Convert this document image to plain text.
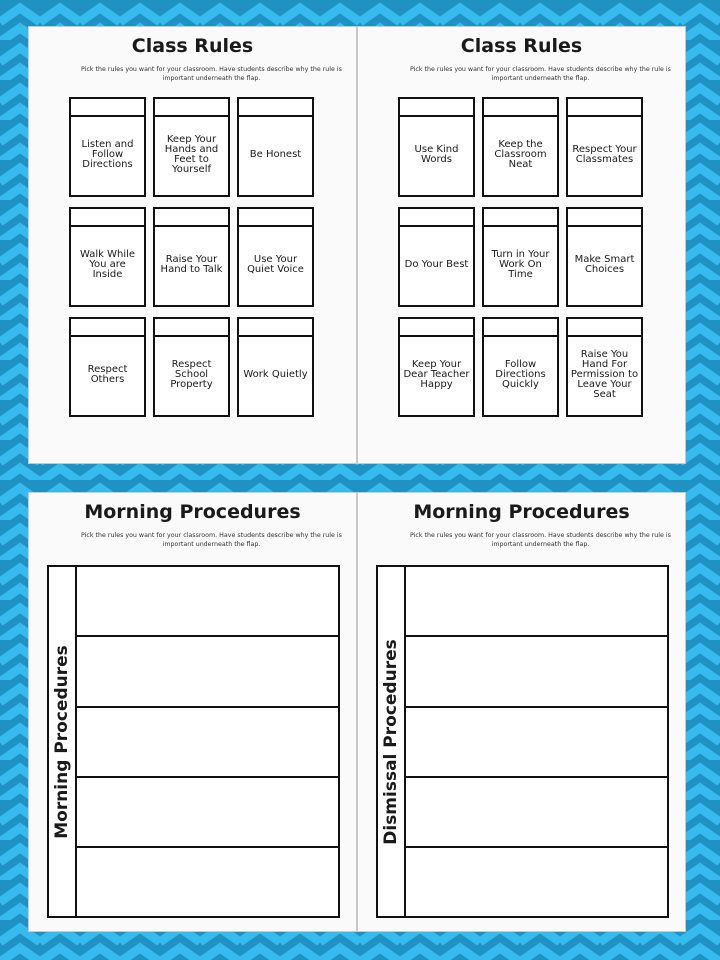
Class Rules
Pick the rules you want for your classroom. Have students describe why the rule is important underneath the flap.
Listen and Follow Directions
Keep Your Hands and Feet to Yourself
Be Honest
Walk While You are Inside
Raise Your Hand to Talk
Use Your Quiet Voice
Respect Others
Respect School Property
Work Quietly
Class Rules
Pick the rules you want for your classroom. Have students describe why the rule is important underneath the flap.
Use Kind Words
Keep the Classroom Neat
Respect Your Classmates
Do Your Best
Turn in Your Work On Time
Make Smart Choices
Keep Your Dear Teacher Happy
Follow Directions Quickly
Raise You Hand For Permission to Leave Your Seat
Morning Procedures
Pick the rules you want for your classroom. Have students describe why the rule is important underneath the flap.
Morning Procedures
Morning Procedures
Pick the rules you want for your classroom. Have students describe why the rule is important underneath the flap.
Dismissal Procedures
